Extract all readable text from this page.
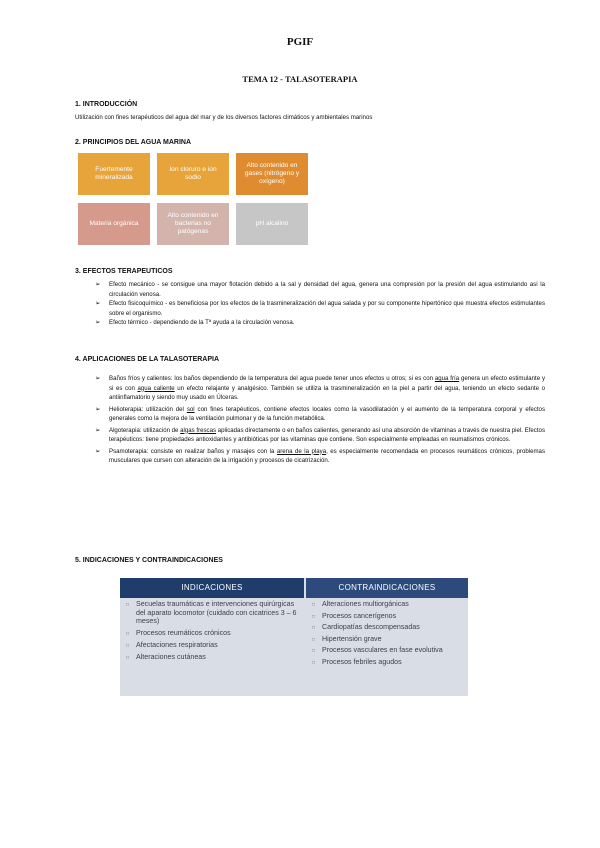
PGIF
TEMA 12 - TALASOTERAPIA
1. INTRODUCCIÓN
Utilización con fines terapéuticos del agua del mar y de los diversos factores climáticos y ambientales marinos
2. PRINCIPIOS DEL AGUA MARINA
Fuertemente mineralizada
Ion cloruro e ion sodio
Alto contenido en gases (nitrógeno y oxígeno)
Materia orgánica
Alto contenido en bacterias no patógenas
pH alcalino
3. EFECTOS TERAPEUTICOS
➢ Efecto mecánico - se consigue una mayor flotación debido a la sal y densidad del agua, genera una compresión por la presión del agua estimulando así la circulación venosa.
➢ Efecto fisicoquímico - es beneficiosa por los efectos de la trasmineralización del agua salada y por su componente hipertónico que muestra efectos estimulantes sobre el organismo.
➢ Efecto térmico - dependiendo de la Tª ayuda a la circulación venosa.
4. APLICACIONES DE LA TALASOTERAPIA
➢ Baños fríos y calientes: los baños dependiendo de la temperatura del agua puede tener unos efectos u otros; si es con agua fría genera un efecto estimulante y si es con agua caliente un efecto relajante y analgésico. También se utiliza la trasmineralización en la piel a partir del agua, teniendo un efecto sedante o antiinflamatorio y siendo muy usado en Úlceras.
➢ Helioterapia: utilización del sol con fines terapéuticos, contiene efectos locales como la vasodilatación y el aumento de la temperatura corporal y efectos generales como la mejora de la ventilación pulmonar y de la función metabólica.
➢ Algoterapia: utilización de algas frescas aplicadas directamente o en baños calientes, generando así una absorción de vitaminas a través de nuestra piel. Efectos terapéuticos: tiene propiedades antioxidantes y antibióticas por las vitaminas que contiene. Son especialmente empleadas en reumatismos crónicos.
➢ Psamoterapia: consiste en realizar baños y masajes con la arena de la playa, es especialmente recomendada en procesos reumáticos crónicos, problemas musculares que cursen con alteración de la irrigación y procesos de cicatrización.
5. INDICACIONES Y CONTRAINDICACIONES
INDICACIONES	CONTRAINDICACIONES
□ Secuelas traumáticas e intervenciones quirúrgicas del aparato locomotor (cuidado con cicatrices 3 – 6 meses)
□ Procesos reumáticos crónicos
□ Afectaciones respiratorias
□ Alteraciones cutáneas
□ Alteraciones multiorgánicas
□ Procesos cancerígenos
□ Cardiopatías descompensadas
□ Hipertensión grave
□ Procesos vasculares en fase evolutiva
□ Procesos febriles agudos
